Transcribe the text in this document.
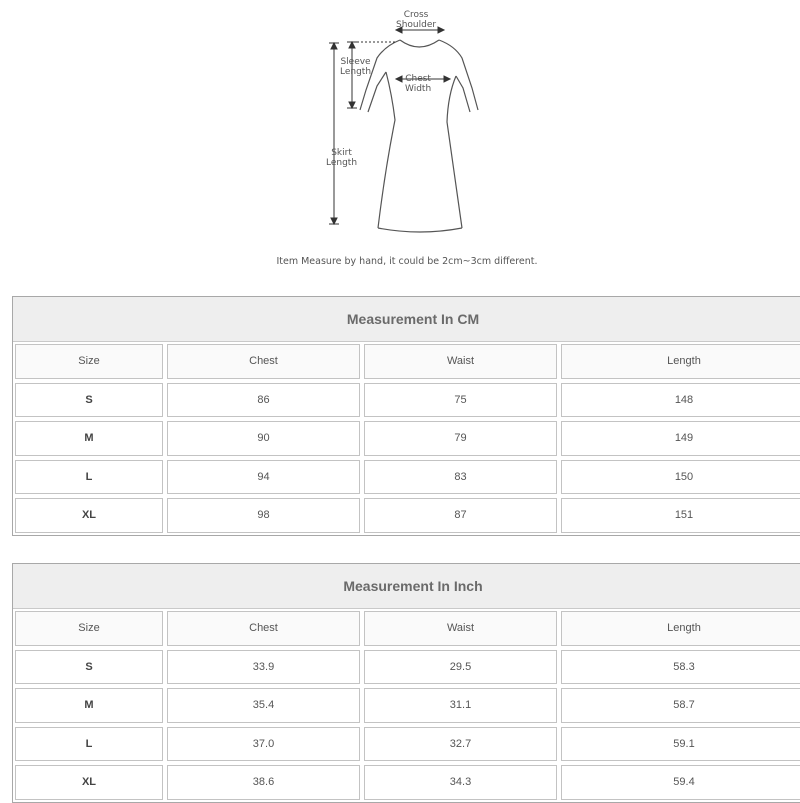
Cross
Shoulder
Sleeve
Length
Chest
Width
Skirt
Length
Item Measure by hand, it could be 2cm~3cm different.
Measurement In CM
Size	Chest	Waist	Length
S	86	75	148
M	90	79	149
L	94	83	150
XL	98	87	151
Measurement In Inch
Size	Chest	Waist	Length
S	33.9	29.5	58.3
M	35.4	31.1	58.7
L	37.0	32.7	59.1
XL	38.6	34.3	59.4
